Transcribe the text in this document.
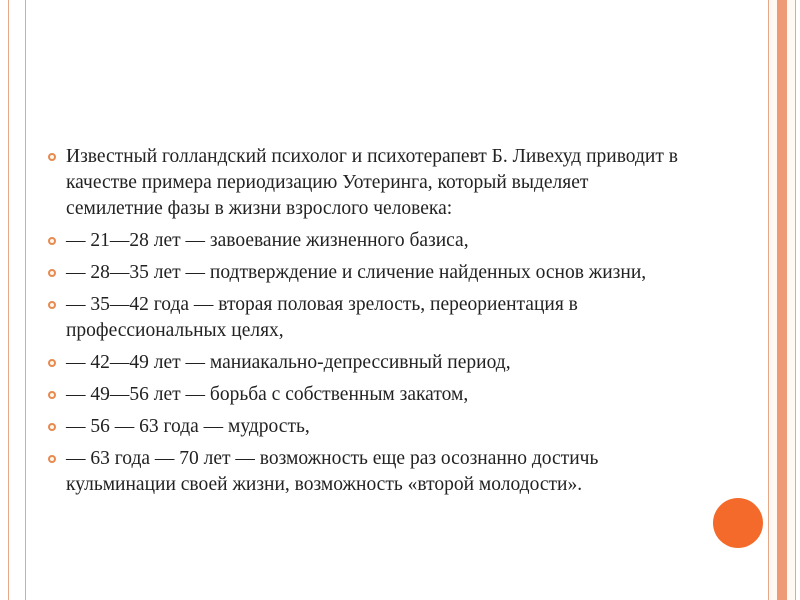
Известный голландский психолог и психотерапевт Б. Ливехуд приводит в качестве примера периодизацию Уотеринга, который выделяет семилетние фазы в жизни взрослого человека:
— 21—28 лет — завоевание жизненного базиса,
— 28—35 лет — подтверждение и сличение найденных основ жизни,
— 35—42 года — вторая половая зрелость, переориентация в профессиональных целях,
— 42—49 лет — маниакально-депрессивный период,
— 49—56 лет — борьба с собственным закатом,
— 56 — 63 года — мудрость,
— 63 года — 70 лет — возможность еще раз осознанно достичь кульминации своей жизни, возможность «второй молодости».
